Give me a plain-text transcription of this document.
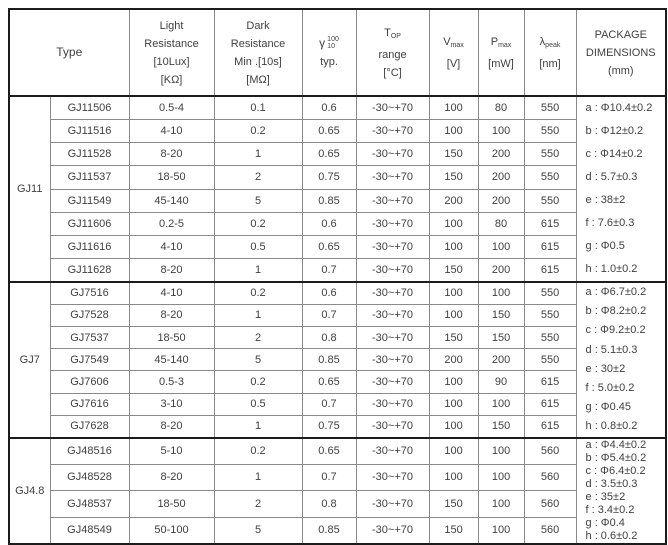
Type	
Light
Resistance
[10Lux]
[KΩ]

Dark
Resistance
Min .[10s]
[MΩ]

γ 100
10
typ.

$T_{OP}$
range
[°C]

$V_{max}$
[V]

$P_{max}$
[mW]

$\lambda_{peak}$
[nm]

PACKAGE
DIMENSIONS
(mm)

GJ11	GJ11506	0.5-4	0.1	0.6	-30~+70	100	80	550	a : Φ10.4±0.2
b : Φ12±0.2
c : Φ14±0.2
d : 5.7±0.3
e : 38±2
f : 7.6±0.3
g : Φ0.5
h : 1.0±0.2

	GJ11516	4-10	0.2	0.65	-30~+70	100	100	550	
	GJ11528	8-20	1	0.65	-30~+70	150	200	550	
	GJ11537	18-50	2	0.75	-30~+70	150	200	550	
	GJ11549	45-140	5	0.85	-30~+70	200	200	550	
	GJ11606	0.2-5	0.2	0.6	-30~+70	100	80	615	
	GJ11616	4-10	0.5	0.65	-30~+70	100	100	615	
	GJ11628	8-20	1	0.7	-30~+70	150	200	615	
GJ7	GJ7516	4-10	0.2	0.6	-30~+70	100	100	550	a : Φ6.7±0.2
b : Φ8.2±0.2
c : Φ9.2±0.2
d : 5.1±0.3
e : 30±2
f : 5.0±0.2
g : Φ0.45
h : 0.8±0.2

	GJ7528	8-20	1	0.7	-30~+70	100	150	550	
	GJ7537	18-50	2	0.8	-30~+70	150	150	550	
	GJ7549	45-140	5	0.85	-30~+70	200	200	550	
	GJ7606	0.5-3	0.2	0.65	-30~+70	100	90	615	
	GJ7616	3-10	0.5	0.7	-30~+70	100	100	615	
	GJ7628	8-20	1	0.75	-30~+70	100	150	615	
GJ4.8	GJ48516	5-10	0.2	0.65	-30~+70	100	100	560	
a : Φ4.4±0.2
b : Φ5.4±0.2
c : Φ6.4±0.2
d : 3.5±0.3
e : 35±2
f : 3.4±0.2
g : Φ0.4
h : 0.6±0.2

	GJ48528	8-20	1	0.7	-30~+70	100	100	560	
	GJ48537	18-50	2	0.8	-30~+70	150	100	560	
	GJ48549	50-100	5	0.85	-30~+70	150	100	560	
